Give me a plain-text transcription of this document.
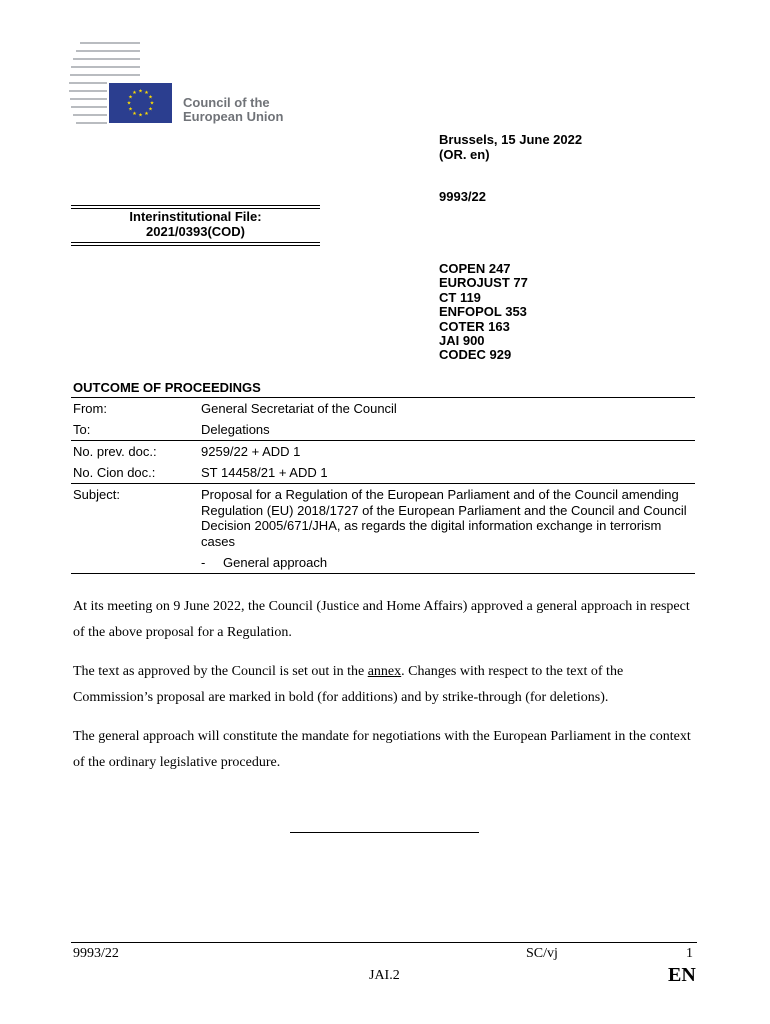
★ ★
★
★
★
★
★
★
★
★
★
★
Council of the
European Union
Brussels, 15 June 2022
(OR. en)
9993/22
Interinstitutional File:
2021/0393(COD)
COPEN 247
EUROJUST 77
CT 119
ENFOPOL 353
COTER 163
JAI 900
CODEC 929
OUTCOME OF PROCEEDINGS
From:	General Secretariat of the Council
To:	Delegations
No. prev. doc.:	9259/22 + ADD 1
No. Cion doc.:	ST 14458/21 + ADD 1
Subject:	Proposal for a Regulation of the European Parliament and of the Council amending Regulation (EU) 2018/1727 of the European Parliament and the Council and Council Decision 2005/671/JHA, as regards the digital information exchange in terrorism cases
-	General approach
At its meeting on 9 June 2022, the Council (Justice and Home Affairs) approved a general approach in respect of the above proposal for a Regulation.
The text as approved by the Council is set out in the annex. Changes with respect to the text of the Commission’s proposal are marked in bold (for additions) and by strike-through (for deletions).
The general approach will constitute the mandate for negotiations with the European Parliament in the context of the ordinary legislative procedure.
9993/22	SC/vj	1
JAI.2	EN
